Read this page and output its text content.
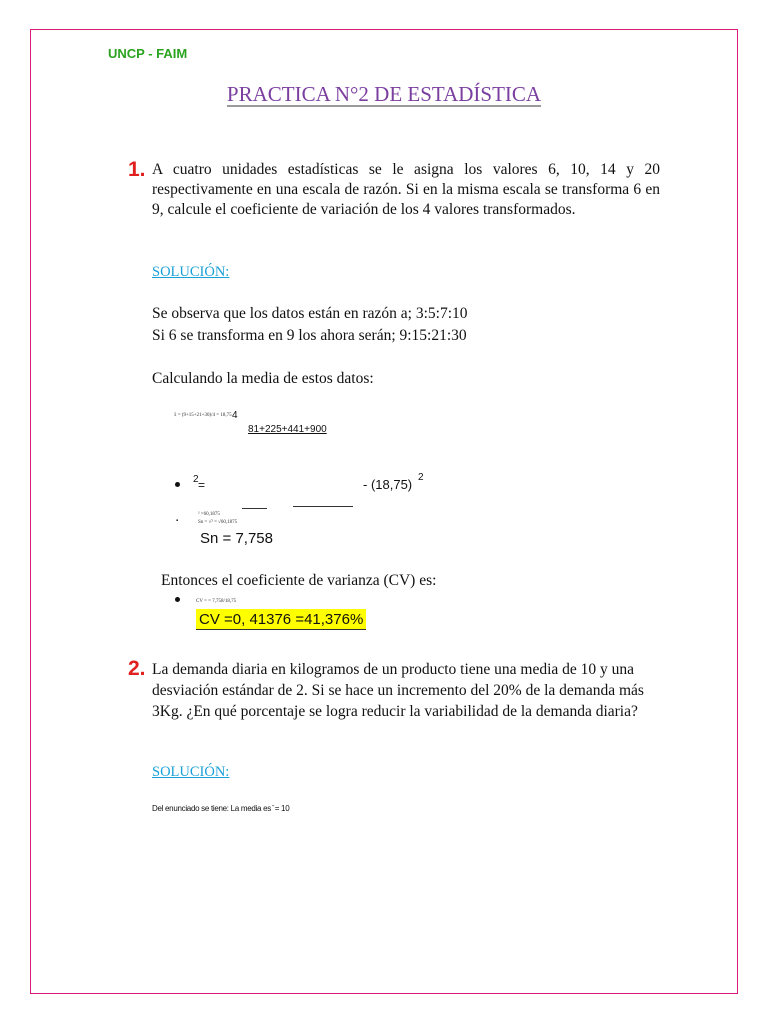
UNCP - FAIM
PRACTICA N°2 DE ESTADÍSTICA
1. A cuatro unidades estadísticas se le asigna los valores 6, 10, 14 y 20 respectivamente en una escala de razón. Si en la misma escala se transforma 6 en 9, calcule el coeficiente de variación de los 4 valores transformados.

SOLUCIÓN:
Se observa que los datos están en razón a; 3:5:7:10
Si 6 se transforma en 9 los ahora serán; 9:15:21:30
Calculando la media de estos datos:
x̄ = (9+15+21+30)/4 = 18,75 4
81+225+441+900
2 =	- (18,75) 2
² =60,1875
▪	Sn = √² = √60,1875
Sn = 7,758
Entonces el coeficiente de varianza (CV) es:
CV = = 7,758/18,75
CV =0, 41376 =41,376%
2. La demanda diaria en kilogramos de un producto tiene una media de 10 y una desviación estándar de 2. Si se hace un incremento del 20% de la demanda más 3Kg. ¿En qué porcentaje se logra reducir la variabilidad de la demanda diaria?

SOLUCIÓN:
Del enunciado se tiene: La media es ̄ = 10
